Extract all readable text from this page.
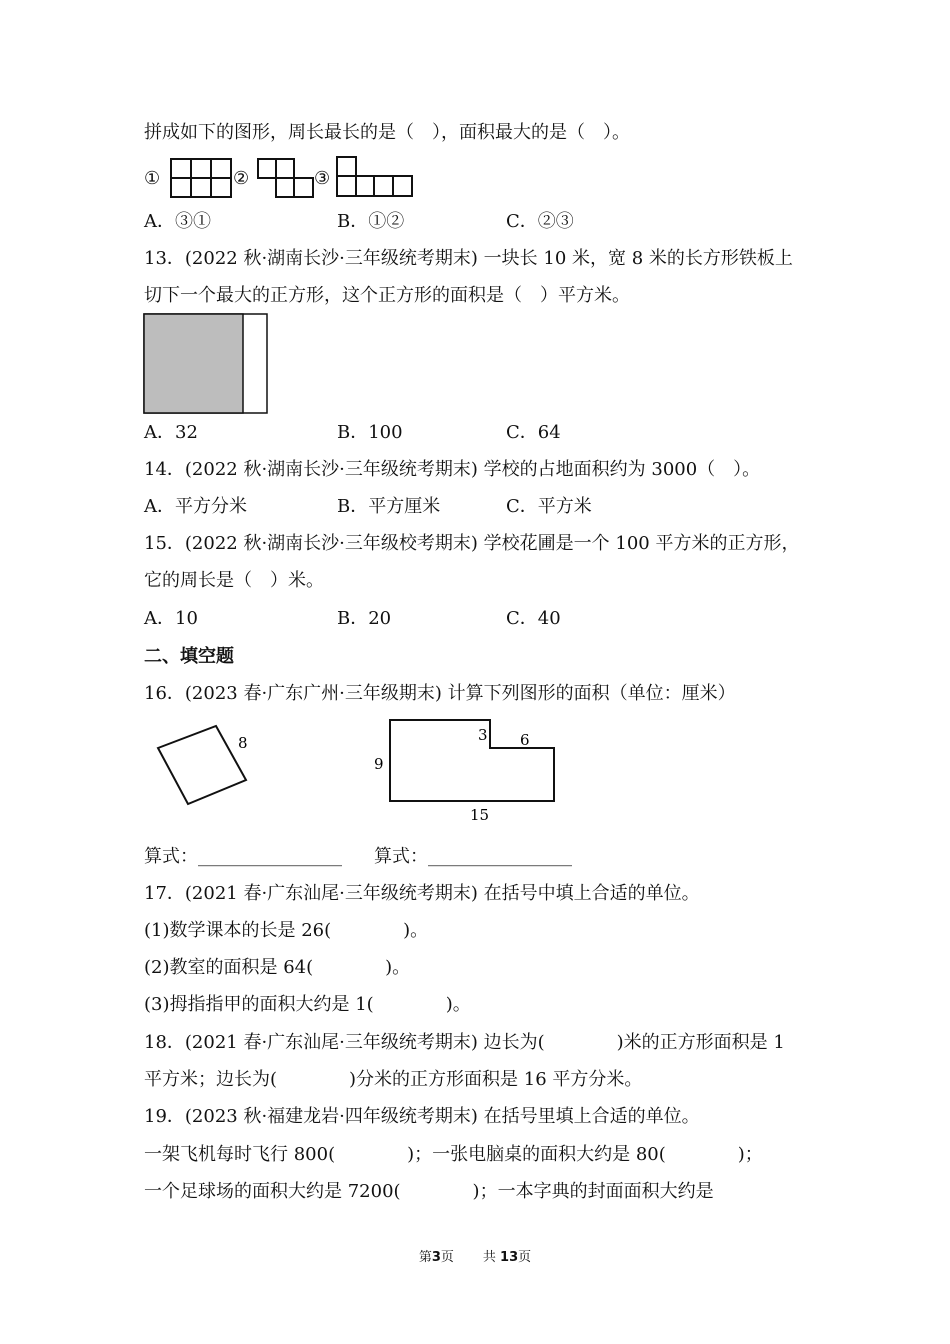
拼成如下的图形，周长最长的是（　），面积最大的是（　）。
①	②	③
A．③①	B．①②	C．②③
13．(2022 秋·湖南长沙·三年级统考期末) 一块长 10 米，宽 8 米的长方形铁板上
切下一个最大的正方形，这个正方形的面积是（　）平方米。
A．32	B．100	C．64
14．(2022 秋·湖南长沙·三年级统考期末) 学校的占地面积约为 3000（　）。
A．平方分米	B．平方厘米	C．平方米
15．(2022 秋·湖南长沙·三年级校考期末) 学校花圃是一个 100 平方米的正方形，
它的周长是（　）米。
A．10	B．20	C．40
二、填空题
16．(2023 春·广东广州·三年级期末) 计算下列图形的面积（单位：厘米）
8
9
3 6
15
算式：________________ 算式：________________
17．(2021 春·广东汕尾·三年级统考期末) 在括号中填上合适的单位。
(1)数学课本的长是 26(　　　　)。
(2)教室的面积是 64(　　　　)。
(3)拇指指甲的面积大约是 1(　　　　)。
18．(2021 春·广东汕尾·三年级统考期末) 边长为(　　　　)米的正方形面积是 1
平方米；边长为(　　　　)分米的正方形面积是 16 平方分米。
19．(2023 秋·福建龙岩·四年级统考期末) 在括号里填上合适的单位。
一架飞机每时飞行 800(　　　　)；一张电脑桌的面积大约是 80(　　　　)；
一个足球场的面积大约是 7200(　　　　)；一本字典的封面面积大约是
第3页 共 13页
